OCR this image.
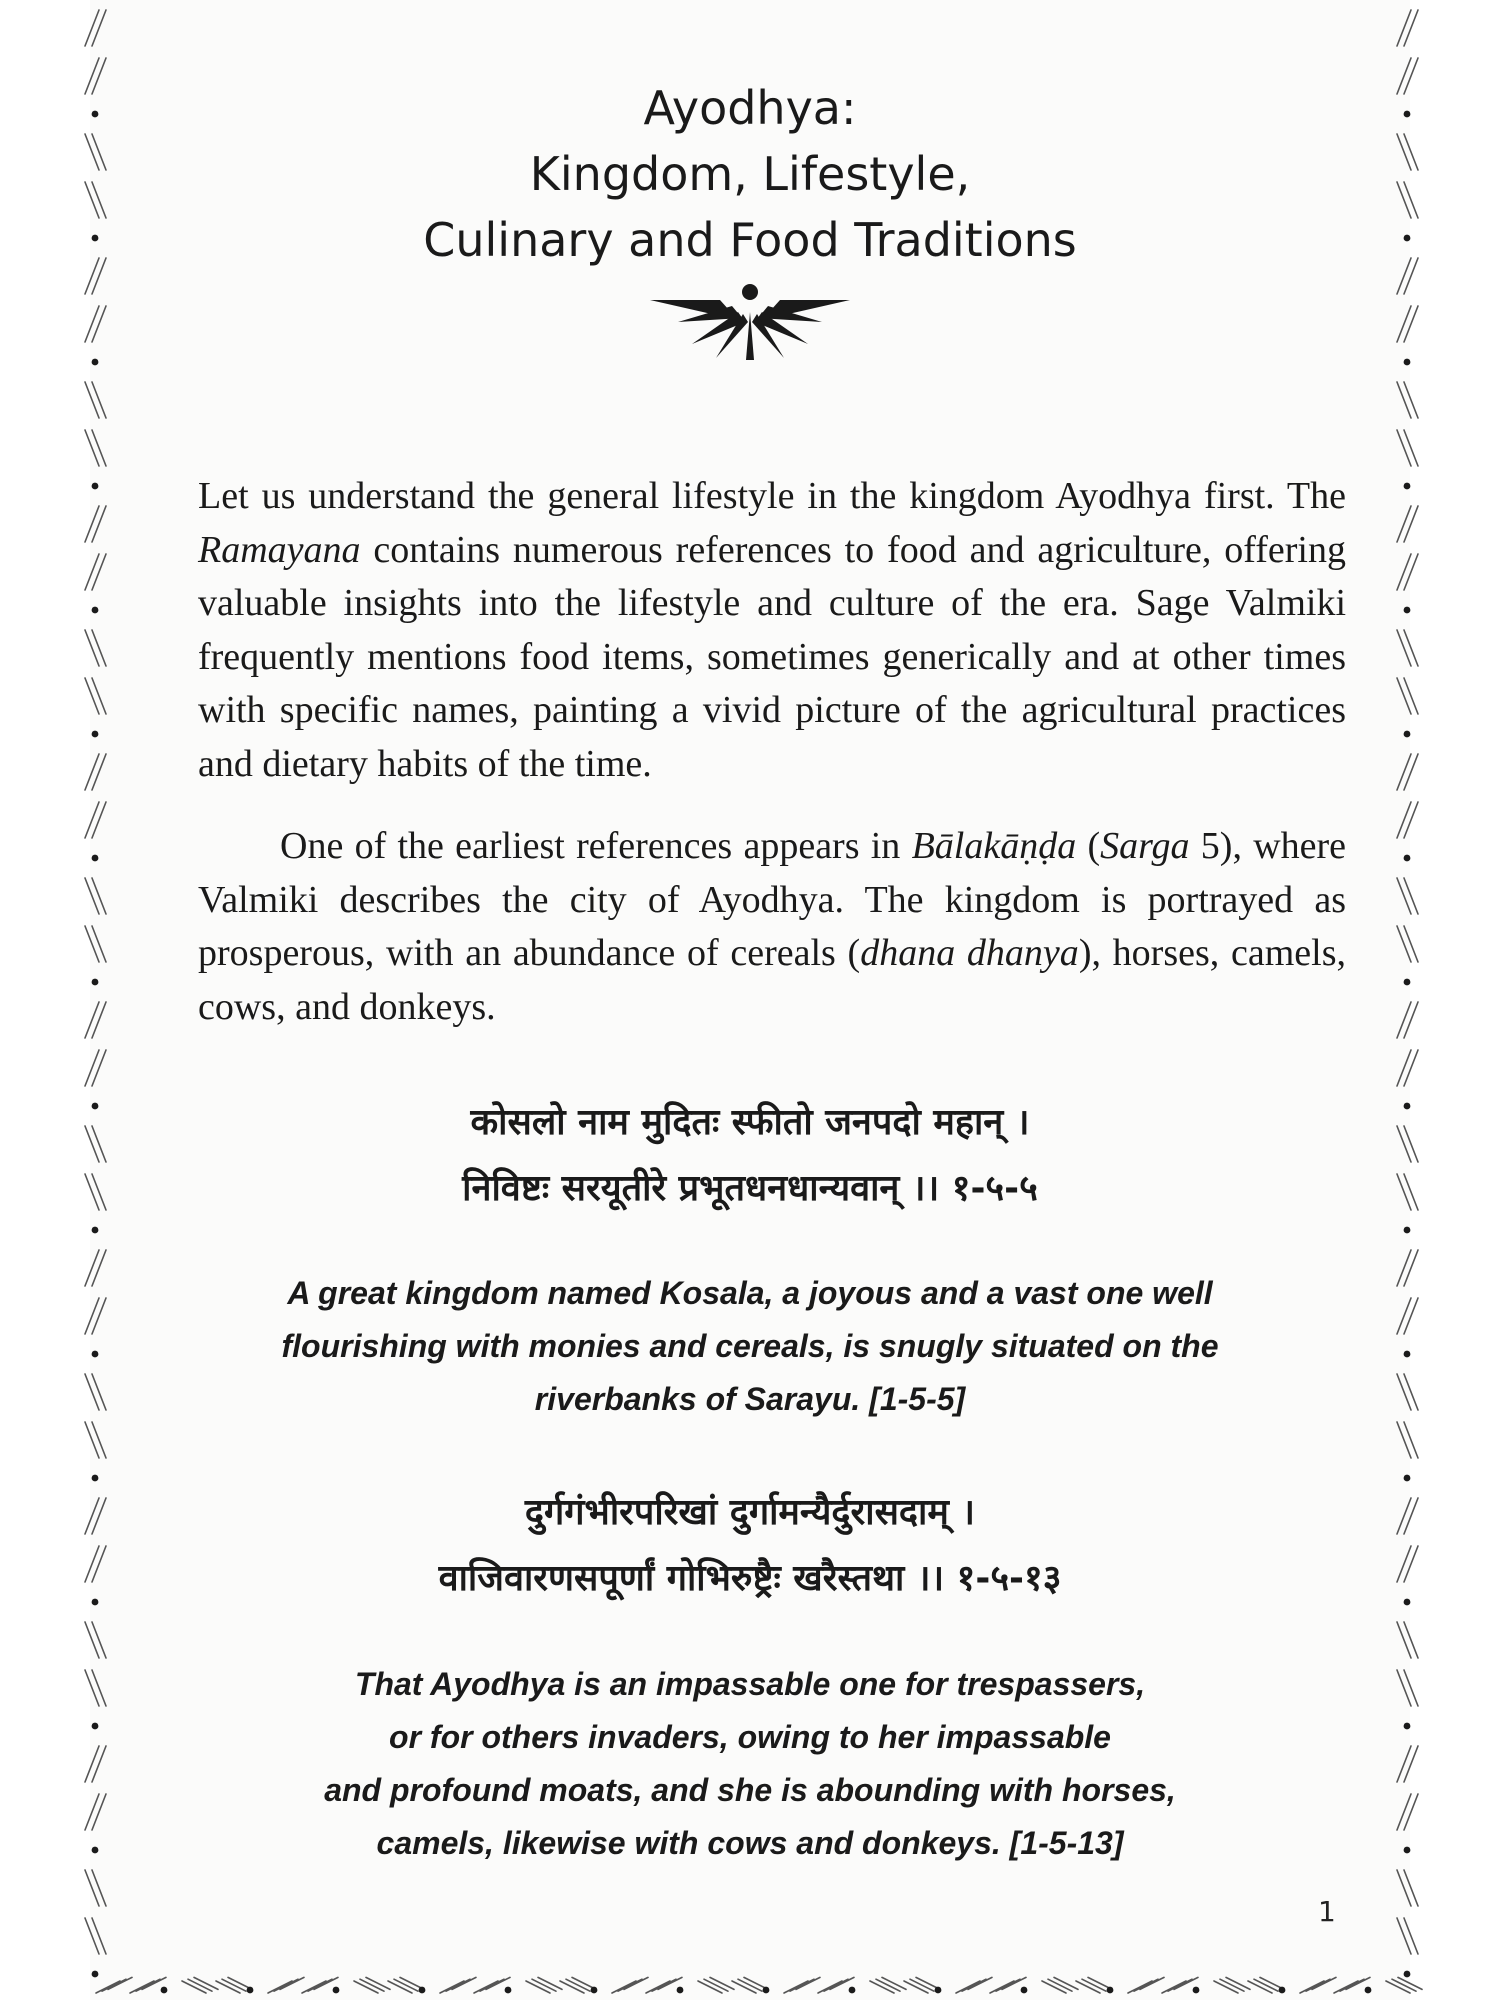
Ayodhya:
Kingdom, Lifestyle,
Culinary and Food Traditions

Let us understand the general lifestyle in the kingdom Ayodhya first. The Ramayana contains numerous references to food and agriculture, offering valuable insights into the lifestyle and culture of the era. Sage Valmiki frequently mentions food items, sometimes generically and at other times with specific names, painting a vivid picture of the agricultural practices and dietary habits of the time.

One of the earliest references appears in Bālakāṇḍa (Sarga 5), where Valmiki describes the city of Ayodhya. The kingdom is portrayed as prosperous, with an abundance of cereals (dhana dhanya), horses, camels, cows, and donkeys.

कोसलो नाम मुदितः स्फीतो जनपदो महान् ।
निविष्टः सरयूतीरे प्रभूतधनधान्यवान् ।। १-५-५
A great kingdom named Kosala, a joyous and a vast one well
flourishing with monies and cereals, is snugly situated on the
riverbanks of Sarayu. [1-5-5]
दुर्गगंभीरपरिखां दुर्गामन्यैर्दुरासदाम् ।
वाजिवारणसपूर्णां गोभिरुष्ट्रैः खरैस्तथा ।। १-५-१३
That Ayodhya is an impassable one for trespassers,
or for others invaders, owing to her impassable
and profound moats, and she is abounding with horses,
camels, likewise with cows and donkeys. [1-5-13]
1
